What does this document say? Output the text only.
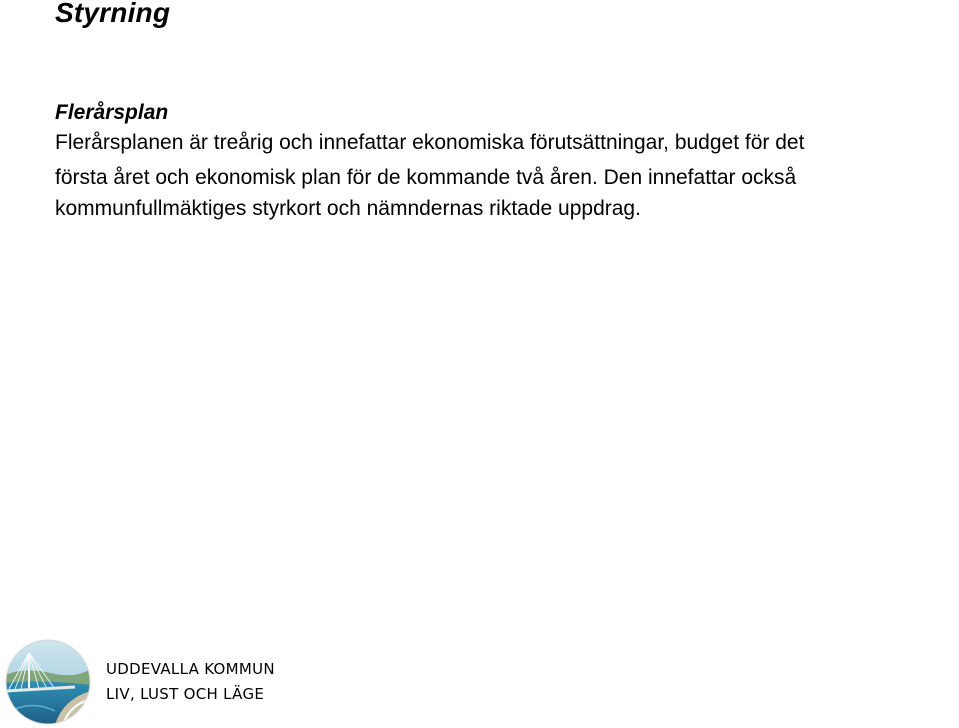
Styrning
Flerårsplan
Flerårsplanen är treårig och innefattar ekonomiska förutsättningar, budget för det
första året och ekonomisk plan för de kommande två åren. Den innefattar också
kommunfullmäktiges styrkort och nämndernas riktade uppdrag.
UDDEVALLA KOMMUN
LIV, LUST OCH LÄGE
